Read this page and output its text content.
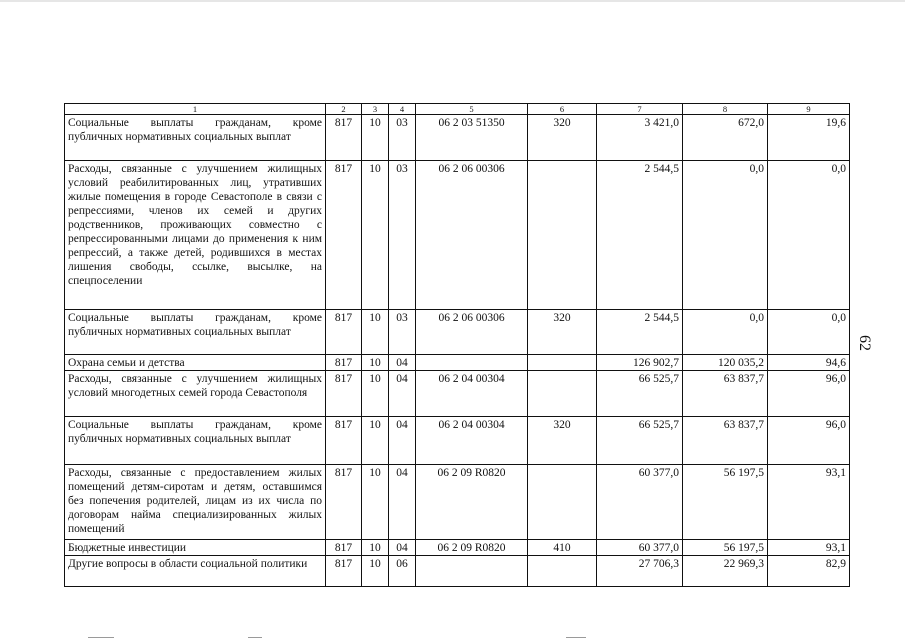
1	2	3	4	5	6	7	8	9
Социальные выплаты гражданам, кроме публичных нормативных социальных выплат	817	10	03	06 2 03 51350	320	3 421,0	672,0	19,6
Расходы, связанные с улучшением жилищных условий реабилитированных лиц, утративших жилые помещения в городе Севастополе в связи с репрессиями, членов их семей и других родственников, проживающих совместно с репрессированными лицами до применения к ним репрессий, а также детей, родившихся в местах лишения свободы, ссылке, высылке, на спецпоселении	817	10	03	06 2 06 00306		2 544,5	0,0	0,0
Социальные выплаты гражданам, кроме публичных нормативных социальных выплат	817	10	03	06 2 06 00306	320	2 544,5	0,0	0,0
Охрана семьи и детства	817	10	04			126 902,7	120 035,2	94,6
Расходы, связанные с улучшением жилищных условий многодетных семей города Севастополя	817	10	04	06 2 04 00304		66 525,7	63 837,7	96,0
Социальные выплаты гражданам, кроме публичных нормативных социальных выплат	817	10	04	06 2 04 00304	320	66 525,7	63 837,7	96,0
Расходы, связанные с предоставлением жилых помещений детям-сиротам и детям, оставшимся без попечения родителей, лицам из их числа по договорам найма специализированных жилых помещений	817	10	04	06 2 09 R0820		60 377,0	56 197,5	93,1
Бюджетные инвестиции	817	10	04	06 2 09 R0820	410	60 377,0	56 197,5	93,1
Другие вопросы в области социальной политики	817	10	06			27 706,3	22 969,3	82,9
62
